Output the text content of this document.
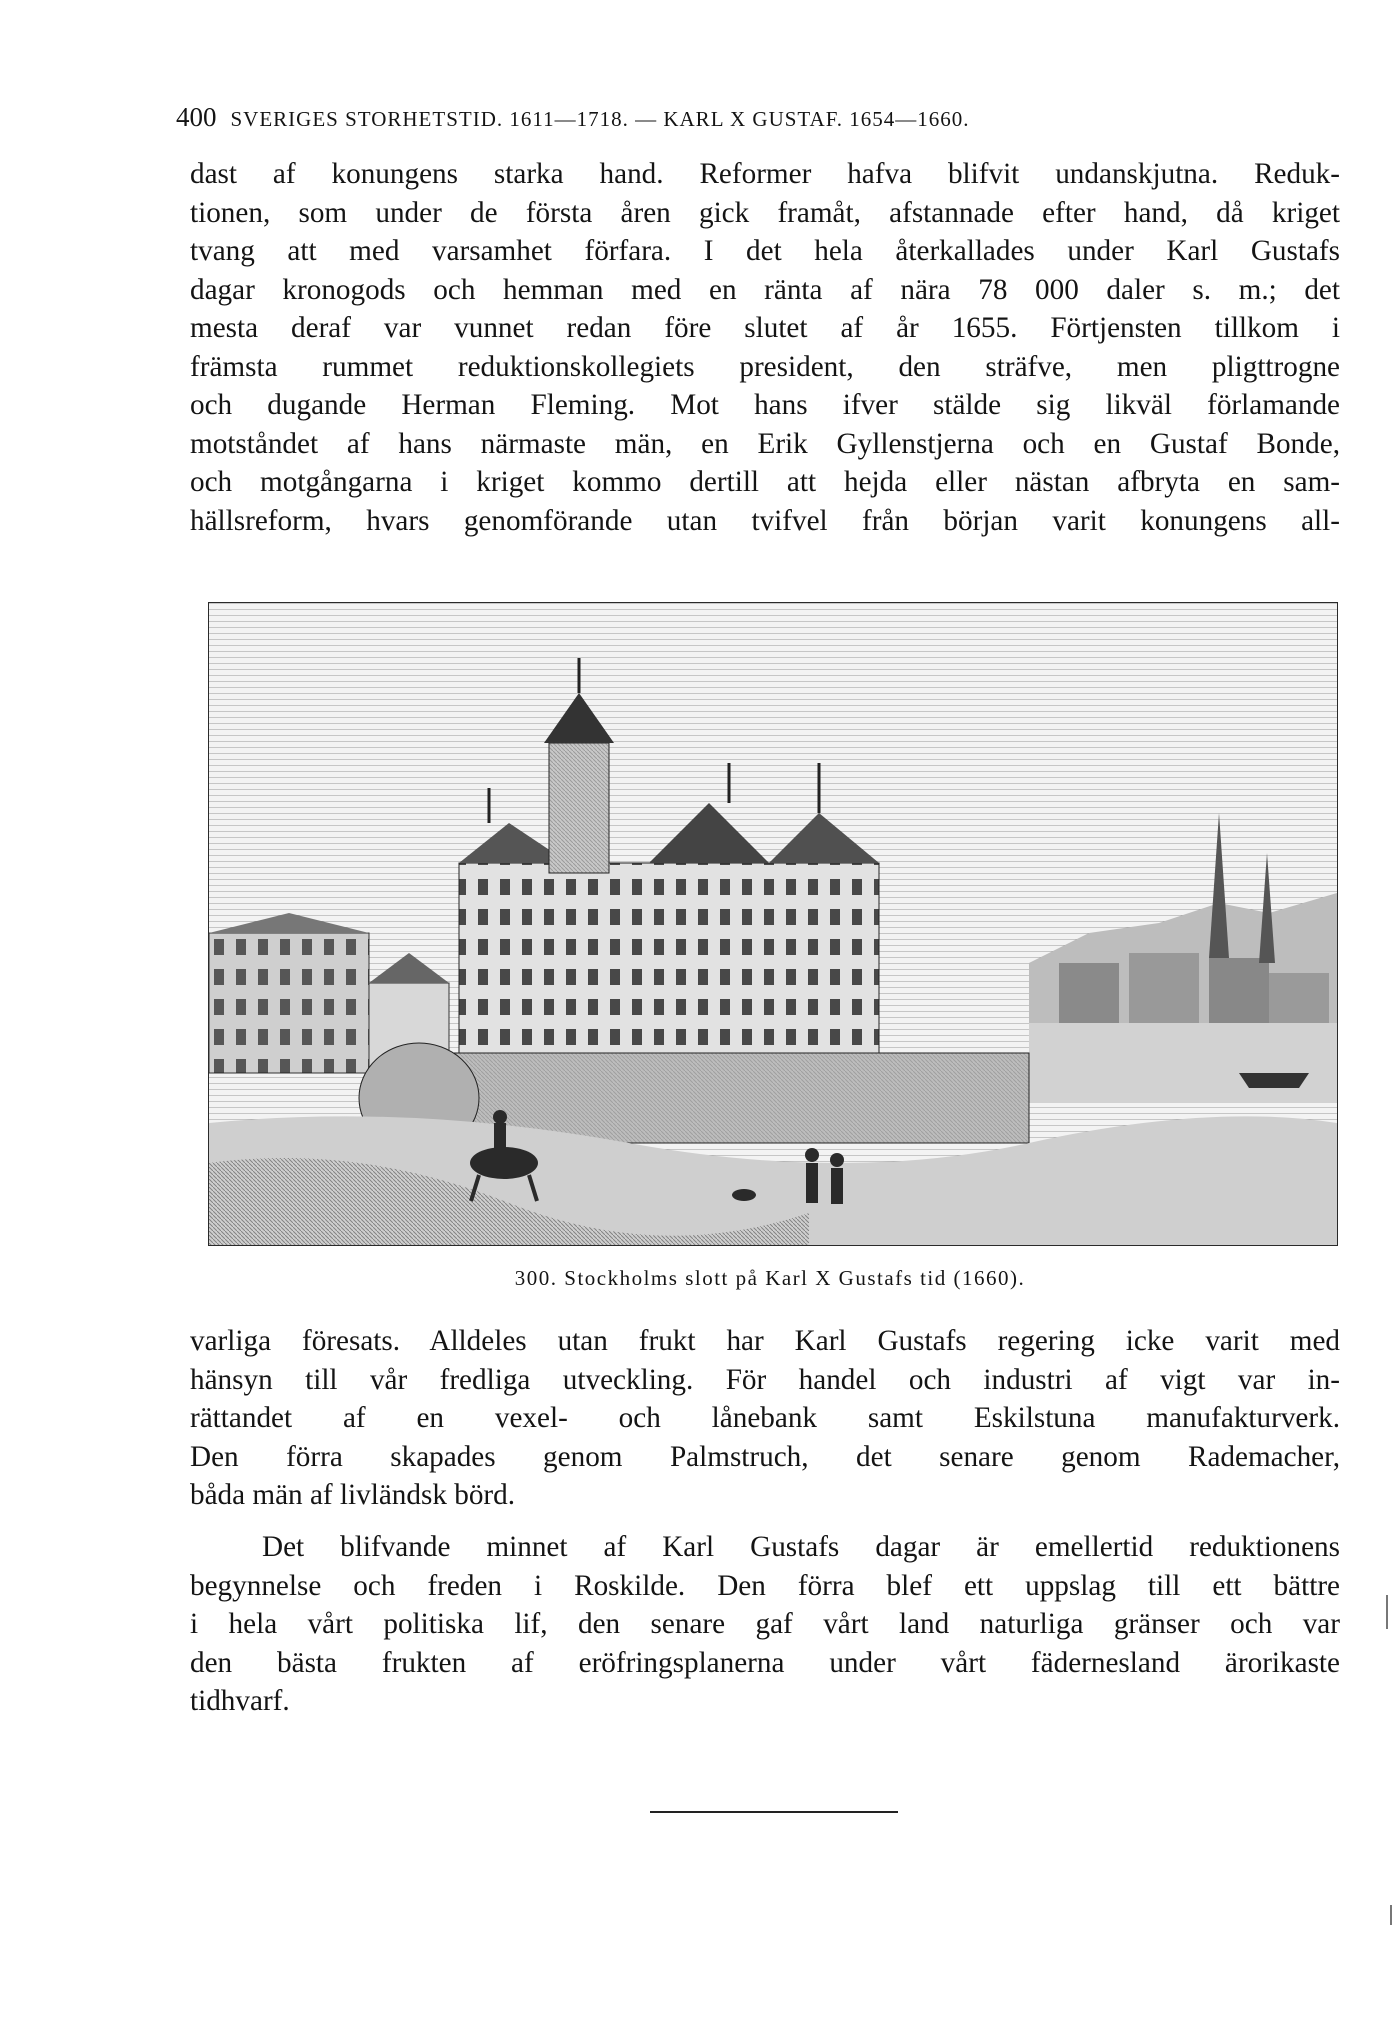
400 SVERIGES STORHETSTID. 1611—1718. — KARL X GUSTAF. 1654—1660.
dast af konungens starka hand. Reformer hafva blifvit undanskjutna. Reduk-
tionen, som under de första åren gick framåt, afstannade efter hand, då kriget
tvang att med varsamhet förfara. I det hela återkallades under Karl Gustafs
dagar kronogods och hemman med en ränta af nära 78 000 daler s. m.; det
mesta deraf var vunnet redan före slutet af år 1655. Förtjensten tillkom i
främsta rummet reduktionskollegiets president, den sträfve, men pligttrogne
och dugande Herman Fleming. Mot hans ifver stälde sig likväl förlamande
motståndet af hans närmaste män, en Erik Gyllenstjerna och en Gustaf Bonde,
och motgångarna i kriget kommo dertill att hejda eller nästan afbryta en sam-
hällsreform, hvars genomförande utan tvifvel från början varit konungens all-
300. Stockholms slott på Karl X Gustafs tid (1660).
varliga föresats. Alldeles utan frukt har Karl Gustafs regering icke varit med
hänsyn till vår fredliga utveckling. För handel och industri af vigt var in-
rättandet af en vexel- och lånebank samt Eskilstuna manufakturverk.
Den förra skapades genom Palmstruch, det senare genom Rademacher,
båda män af livländsk börd.
Det blifvande minnet af Karl Gustafs dagar är emellertid reduktionens
begynnelse och freden i Roskilde. Den förra blef ett uppslag till ett bättre
i hela vårt politiska lif, den senare gaf vårt land naturliga gränser och var
den bästa frukten af eröfringsplanerna under vårt fädernesland ärorikaste
tidhvarf.
